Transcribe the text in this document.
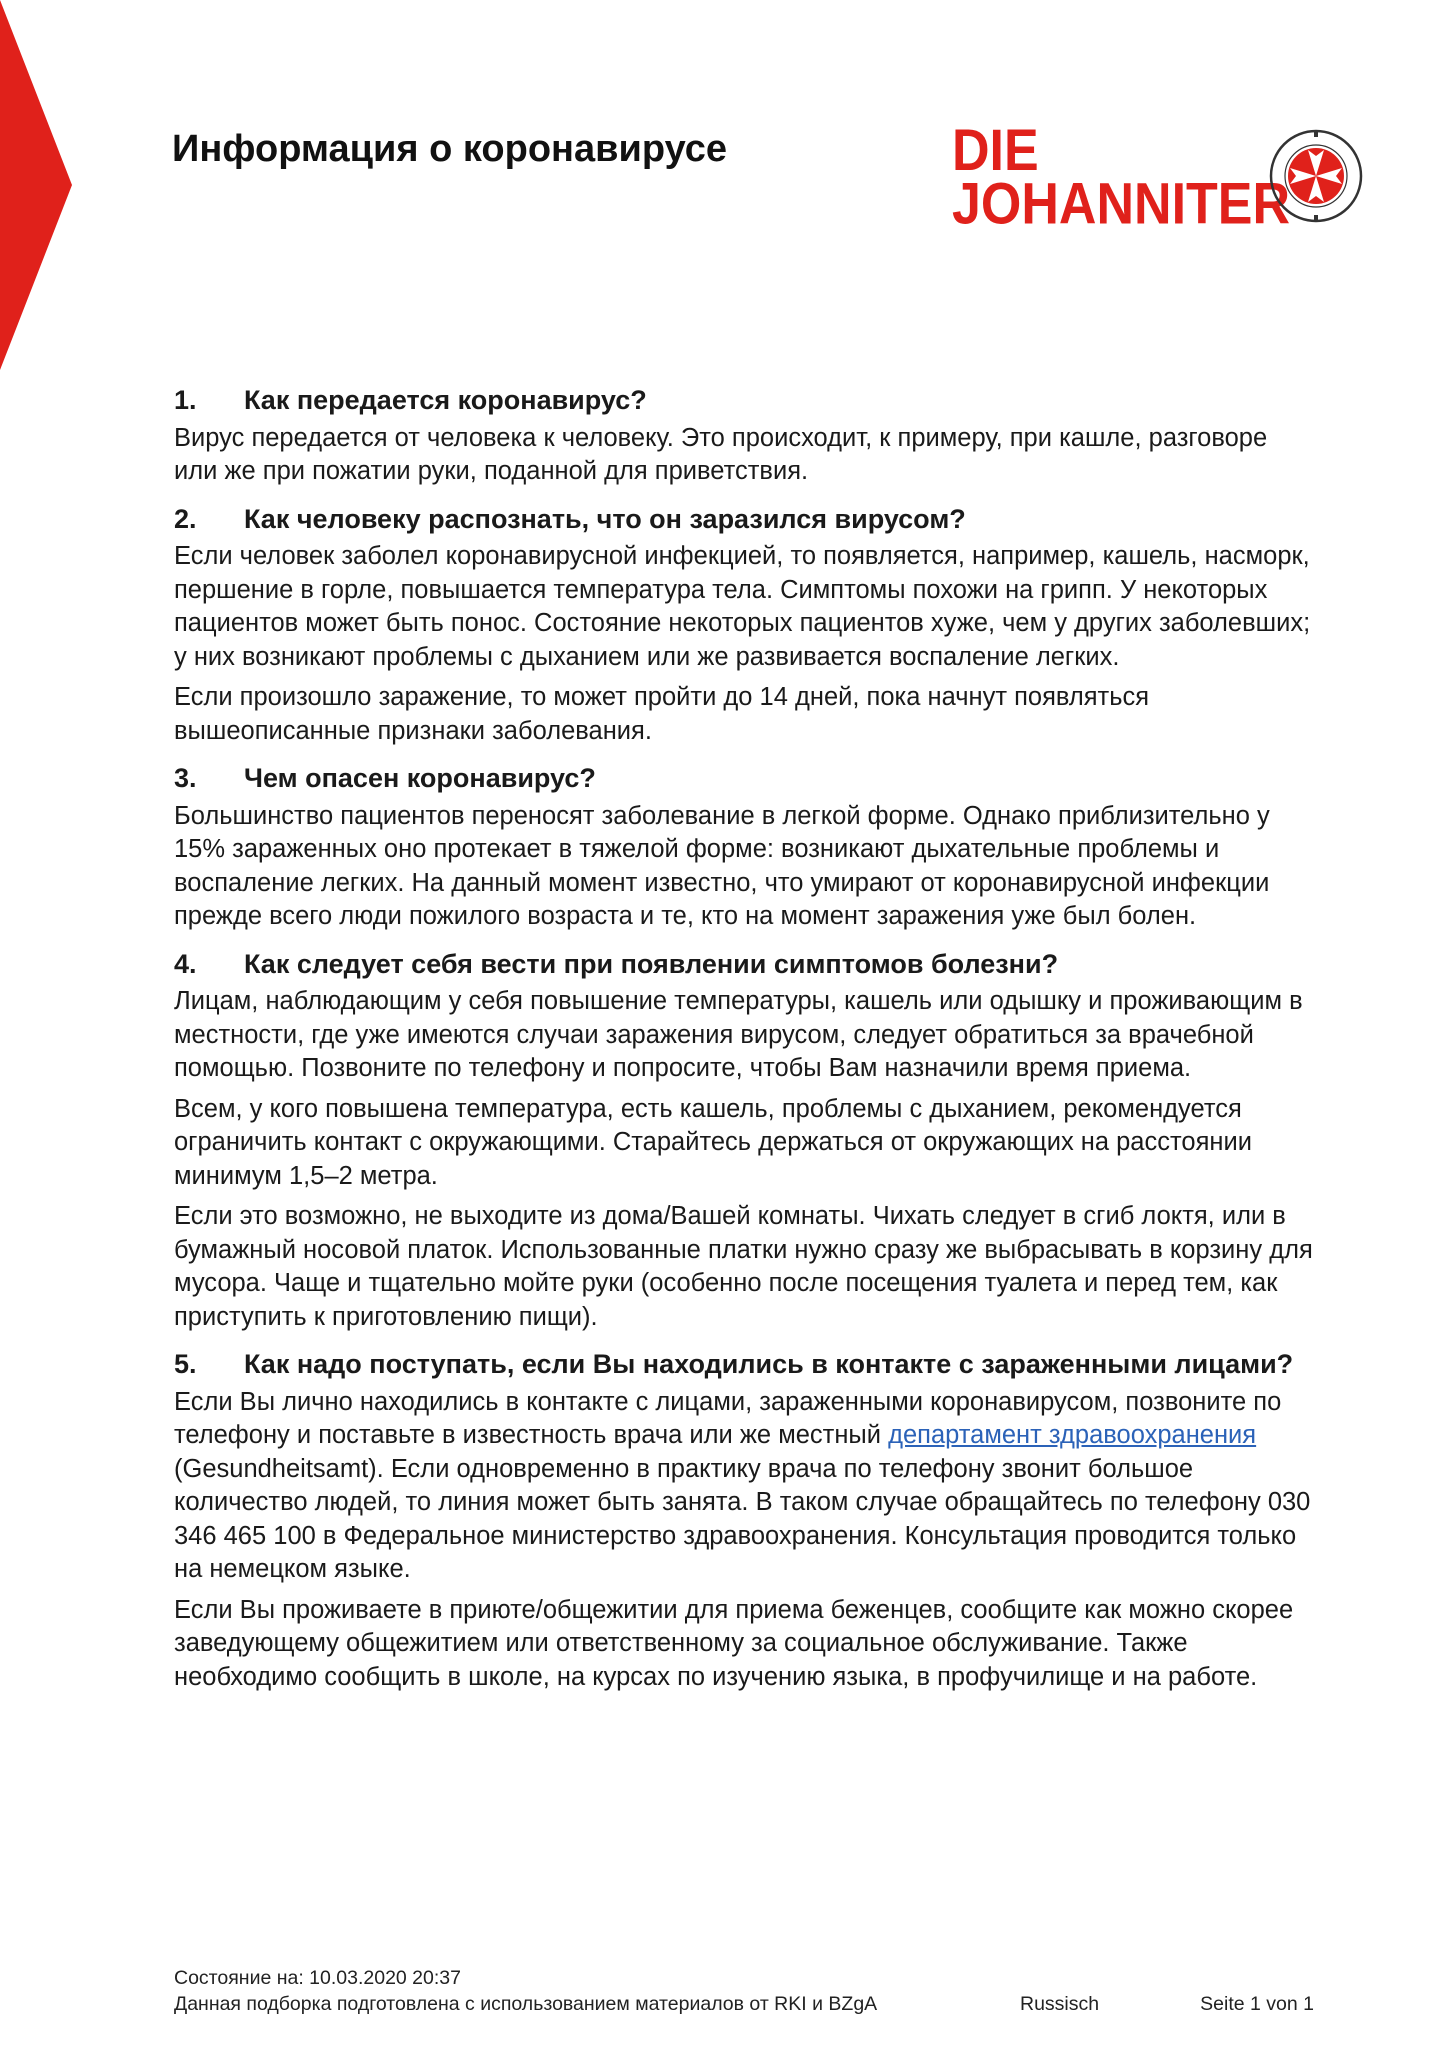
Информация о коронавирусе	DIE
JOHANNITER
1.	Как передается коронавирус?

Вирус передается от человека к человеку. Это происходит, к примеру, при кашле, разговоре или же при пожатии руки, поданной для приветствия.

2.	Как человеку распознать, что он заразился вирусом?

Если человек заболел коронавирусной инфекцией, то появляется, например, кашель, насморк, першение в горле, повышается температура тела. Симптомы похожи на грипп. У некоторых пациентов может быть понос. Состояние некоторых пациентов хуже, чем у других заболевших; у них возникают проблемы с дыханием или же развивается воспаление легких.

Если произошло заражение, то может пройти до 14 дней, пока начнут появляться вышеописанные признаки заболевания.

3.	Чем опасен коронавирус?

Большинство пациентов переносят заболевание в легкой форме. Однако приблизительно у 15% зараженных оно протекает в тяжелой форме: возникают дыхательные проблемы и воспаление легких. На данный момент известно, что умирают от коронавирусной инфекции прежде всего люди пожилого возраста и те, кто на момент заражения уже был болен.

4.	Как следует себя вести при появлении симптомов болезни?

Лицам, наблюдающим у себя повышение температуры, кашель или одышку и проживающим в местности, где уже имеются случаи заражения вирусом, следует обратиться за врачебной помощью. Позвоните по телефону и попросите, чтобы Вам назначили время приема.

Всем, у кого повышена температура, есть кашель, проблемы с дыханием, рекомендуется ограничить контакт с окружающими. Старайтесь держаться от окружающих на расстоянии минимум 1,5–2 метра.

Если это возможно, не выходите из дома/Вашей комнаты. Чихать следует в сгиб локтя, или в бумажный носовой платок. Использованные платки нужно сразу же выбрасывать в корзину для мусора. Чаще и тщательно мойте руки (особенно после посещения туалета и перед тем, как приступить к приготовлению пищи).

5.	Как надо поступать, если Вы находились в контакте с зараженными лицами?

Если Вы лично находились в контакте с лицами, зараженными коронавирусом, позвоните по телефону и поставьте в известность врача или же местный департамент здравоохранения (Gesundheitsamt). Если одновременно в практику врача по телефону звонит большое количество людей, то линия может быть занята. В таком случае обращайтесь по телефону 030 346 465 100 в Федеральное министерство здравоохранения. Консультация проводится только на немецком языке.

Если Вы проживаете в приюте/общежитии для приема беженцев, сообщите как можно скорее заведующему общежитием или ответственному за социальное обслуживание. Также необходимо сообщить в школе, на курсах по изучению языка, в профучилище и на работе.

Состояние на: 10.03.2020 20:37
Данная подборка подготовлена с использованием материалов от RKI и BZgA	Russisch	Seite 1 von 1
